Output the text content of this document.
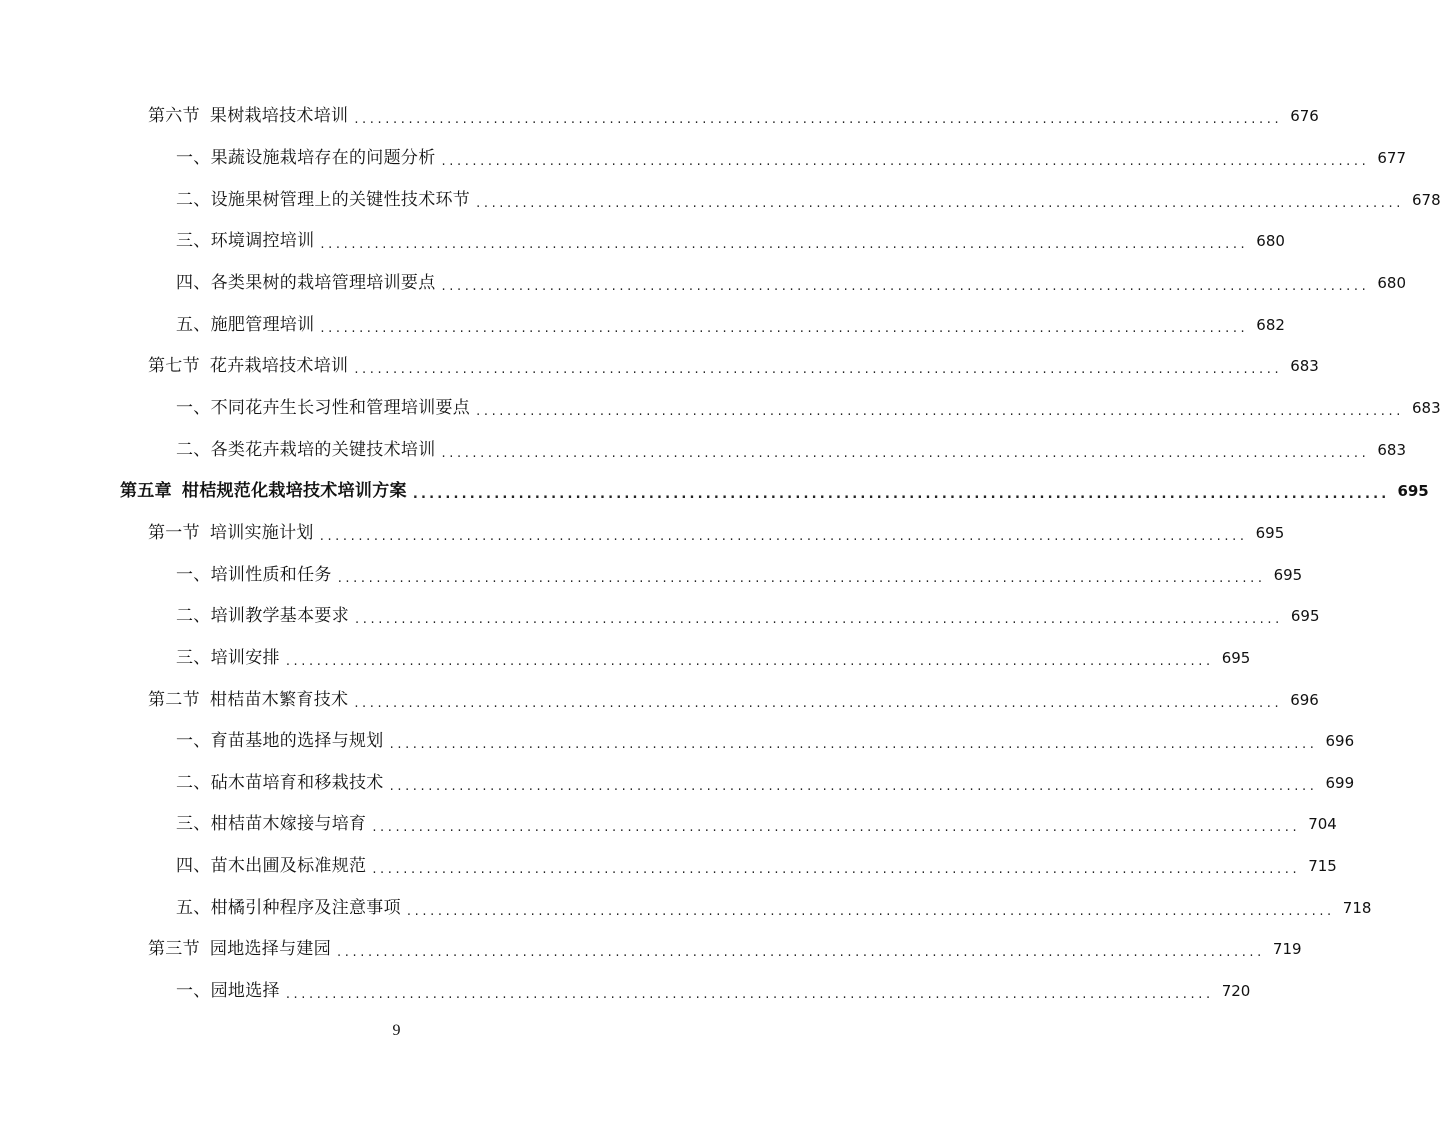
第六节 果树栽培技术培训 ........................................................................................................................ 676
一、果蔬设施栽培存在的问题分析 ........................................................................................................................ 677
二、设施果树管理上的关键性技术环节 ........................................................................................................................ 678
三、环境调控培训 ........................................................................................................................ 680
四、各类果树的栽培管理培训要点 ........................................................................................................................ 680
五、施肥管理培训 ........................................................................................................................ 682
第七节 花卉栽培技术培训 ........................................................................................................................ 683
一、不同花卉生长习性和管理培训要点 ........................................................................................................................ 683
二、各类花卉栽培的关键技术培训 ........................................................................................................................ 683
第五章 柑桔规范化栽培技术培训方案 ........................................................................................................................ 695
第一节 培训实施计划 ........................................................................................................................ 695
一、培训性质和任务 ........................................................................................................................ 695
二、培训教学基本要求 ........................................................................................................................ 695
三、培训安排 ........................................................................................................................ 695
第二节 柑桔苗木繁育技术 ........................................................................................................................ 696
一、育苗基地的选择与规划 ........................................................................................................................ 696
二、砧木苗培育和移栽技术 ........................................................................................................................ 699
三、柑桔苗木嫁接与培育 ........................................................................................................................ 704
四、苗木出圃及标准规范 ........................................................................................................................ 715
五、柑橘引种程序及注意事项 ........................................................................................................................ 718
第三节 园地选择与建园 ........................................................................................................................ 719
一、园地选择 ........................................................................................................................ 720
9
